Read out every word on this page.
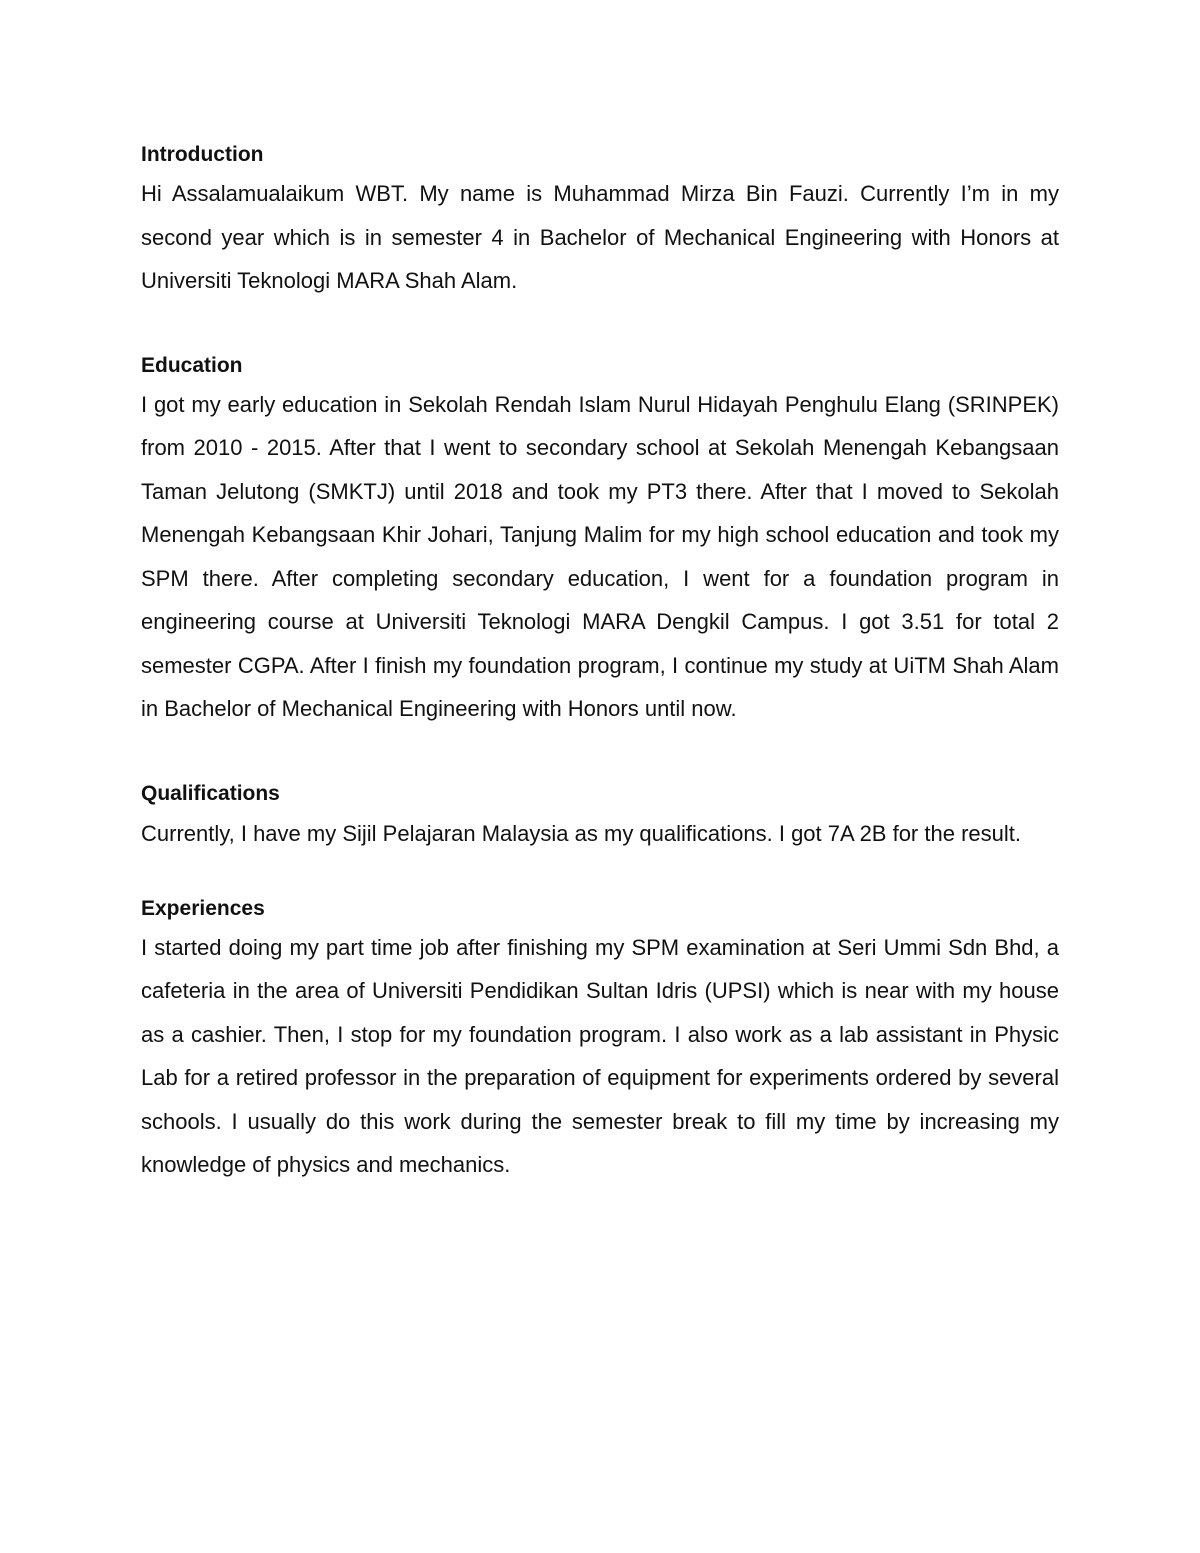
Introduction

Hi Assalamualaikum WBT. My name is Muhammad Mirza Bin Fauzi. Currently I’m in my second year which is in semester 4 in Bachelor of Mechanical Engineering with Honors at Universiti Teknologi MARA Shah Alam.

Education

I got my early education in Sekolah Rendah Islam Nurul Hidayah Penghulu Elang (SRINPEK) from 2010 - 2015. After that I went to secondary school at Sekolah Menengah Kebangsaan Taman Jelutong (SMKTJ) until 2018 and took my PT3 there. After that I moved to Sekolah Menengah Kebangsaan Khir Johari, Tanjung Malim for my high school education and took my SPM there. After completing secondary education, I went for a foundation program in engineering course at Universiti Teknologi MARA Dengkil Campus. I got 3.51 for total 2 semester CGPA. After I finish my foundation program, I continue my study at UiTM Shah Alam in Bachelor of Mechanical Engineering with Honors until now.

Qualifications

Currently, I have my Sijil Pelajaran Malaysia as my qualifications. I got 7A 2B for the result.

Experiences

I started doing my part time job after finishing my SPM examination at Seri Ummi Sdn Bhd, a cafeteria in the area of Universiti Pendidikan Sultan Idris (UPSI) which is near with my house as a cashier. Then, I stop for my foundation program. I also work as a lab assistant in Physic Lab for a retired professor in the preparation of equipment for experiments ordered by several schools. I usually do this work during the semester break to fill my time by increasing my knowledge of physics and mechanics.
